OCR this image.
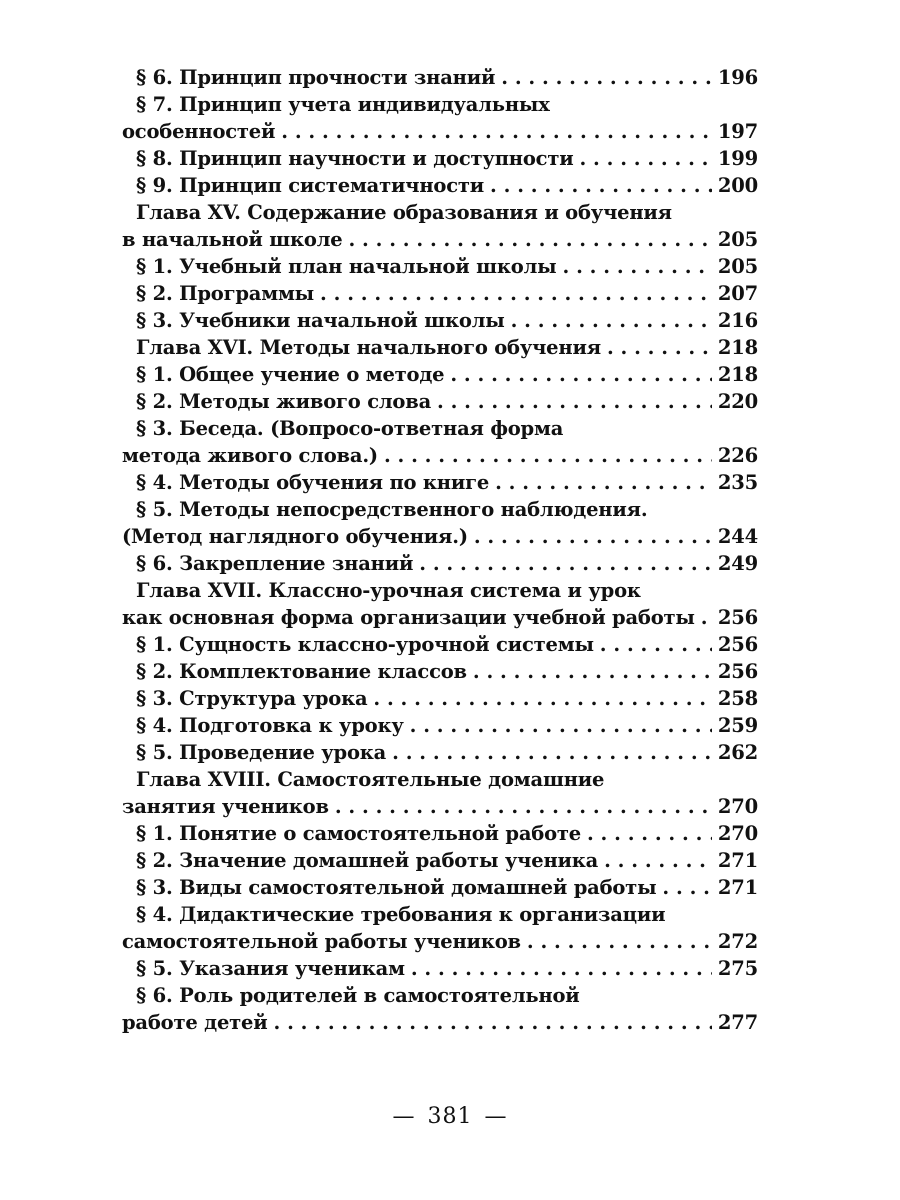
§ 6. Принцип прочности знаний . . .	196
§ 7. Принцип учета индивидуальных
особенностей . . .	197
§ 8. Принцип научности и доступности . . .	199
§ 9. Принцип систематичности . . .	200
Глава XV. Содержание образования и обучения
в начальной школе . . .	205
§ 1. Учебный план начальной школы . . .	205
§ 2. Программы . . .	207
§ 3. Учебники начальной школы . . .	216
Глава XVI. Методы начального обучения . . .	218
§ 1. Общее учение о методе . . .	218
§ 2. Методы живого слова . . .	220
§ 3. Беседа. (Вопросо-ответная форма
метода живого слова.) . . .	226
§ 4. Методы обучения по книге . . .	235
§ 5. Методы непосредственного наблюдения.
(Метод наглядного обучения.) . . .	244
§ 6. Закрепление знаний . . .	249
Глава XVII. Классно-урочная система и урок
как основная форма организации учебной работы . . . 256
§ 1. Сущность классно-урочной системы . . .	256
§ 2. Комплектование классов . . .	256
§ 3. Структура урока . . .	258
§ 4. Подготовка к уроку . . .	259
§ 5. Проведение урока . . .	262
Глава XVIII. Самостоятельные домашние
занятия учеников . . .	270
§ 1. Понятие о самостоятельной работе . . .	270
§ 2. Значение домашней работы ученика . . .	271
§ 3. Виды самостоятельной домашней работы . . .	271
§ 4. Дидактические требования к организации
самостоятельной работы учеников . . .	272
§ 5. Указания ученикам . . .	275
§ 6. Роль родителей в самостоятельной
работе детей . . .	277
— 381 —
